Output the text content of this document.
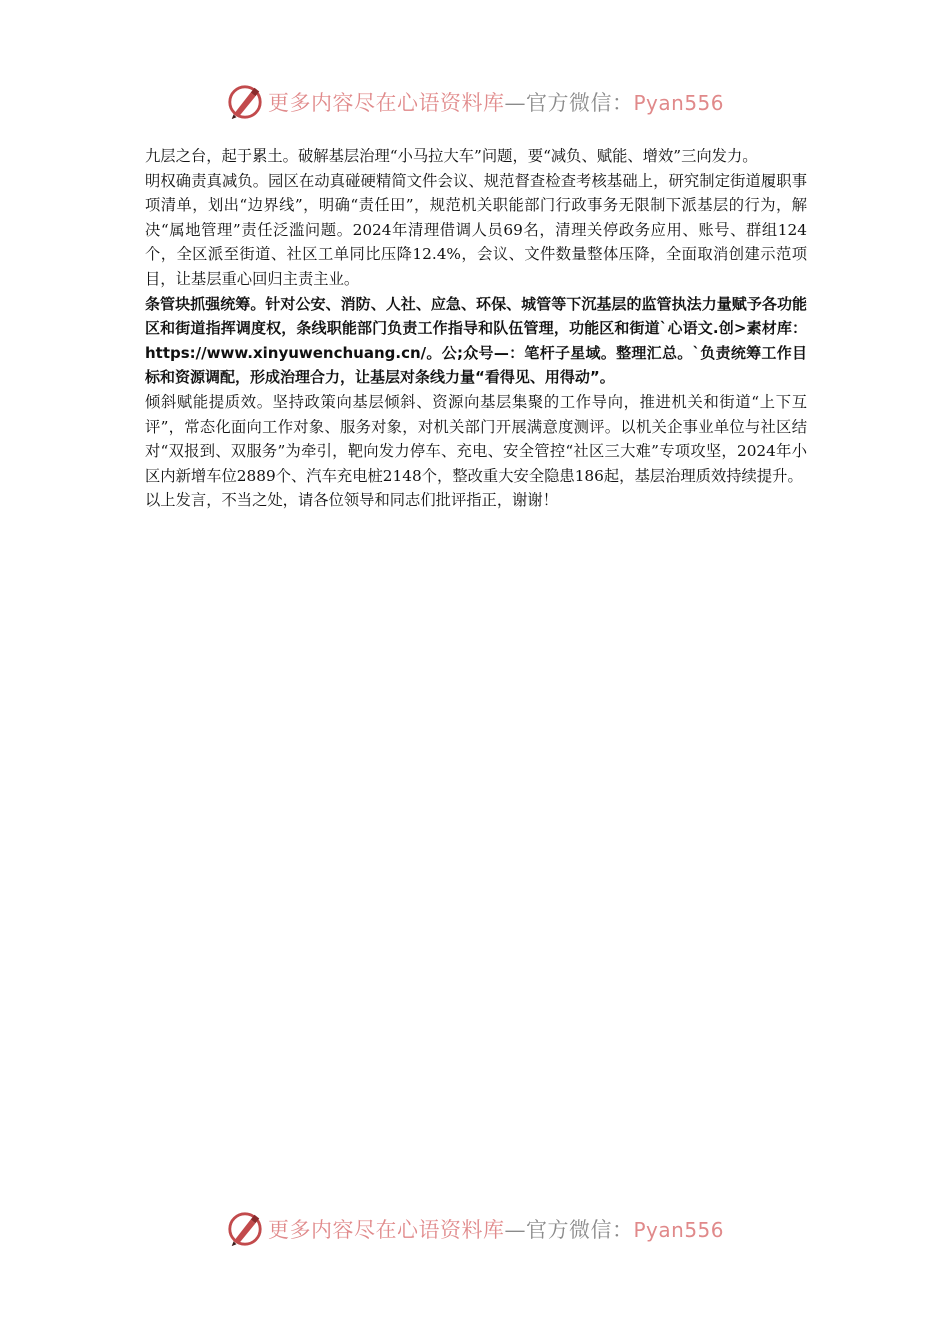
更多内容尽在心语资料库—官方微信：Pyan556

九层之台，起于累土。破解基层治理“小马拉大车”问题，要“减负、赋能、增效”三向发力。

明权确责真减负。园区在动真碰硬精简文件会议、规范督查检查考核基础上，研究制定街道履职事项清单，划出“边界线”，明确“责任田”，规范机关职能部门行政事务无限制下派基层的行为，解决“属地管理”责任泛滥问题。2024年清理借调人员69名，清理关停政务应用、账号、群组124个，全区派至街道、社区工单同比压降12.4%，会议、文件数量整体压降，全面取消创建示范项目，让基层重心回归主责主业。

条管块抓强统筹。针对公安、消防、人社、应急、环保、城管等下沉基层的监管执法力量赋予各功能区和街道指挥调度权，条线职能部门负责工作指导和队伍管理，功能区和街道`心语文.创>素材库：https://www.xinyuwenchuang.cn/。公;众号—：笔杆子星域。整理汇总。`负责统筹工作目标和资源调配，形成治理合力，让基层对条线力量“看得见、用得动”。

倾斜赋能提质效。坚持政策向基层倾斜、资源向基层集聚的工作导向，推进机关和街道“上下互评”，常态化面向工作对象、服务对象，对机关部门开展满意度测评。以机关企事业单位与社区结对“双报到、双服务”为牵引，靶向发力停车、充电、安全管控“社区三大难”专项攻坚，2024年小区内新增车位2889个、汽车充电桩2148个，整改重大安全隐患186起，基层治理质效持续提升。

以上发言，不当之处，请各位领导和同志们批评指正，谢谢！

更多内容尽在心语资料库—官方微信：Pyan556
